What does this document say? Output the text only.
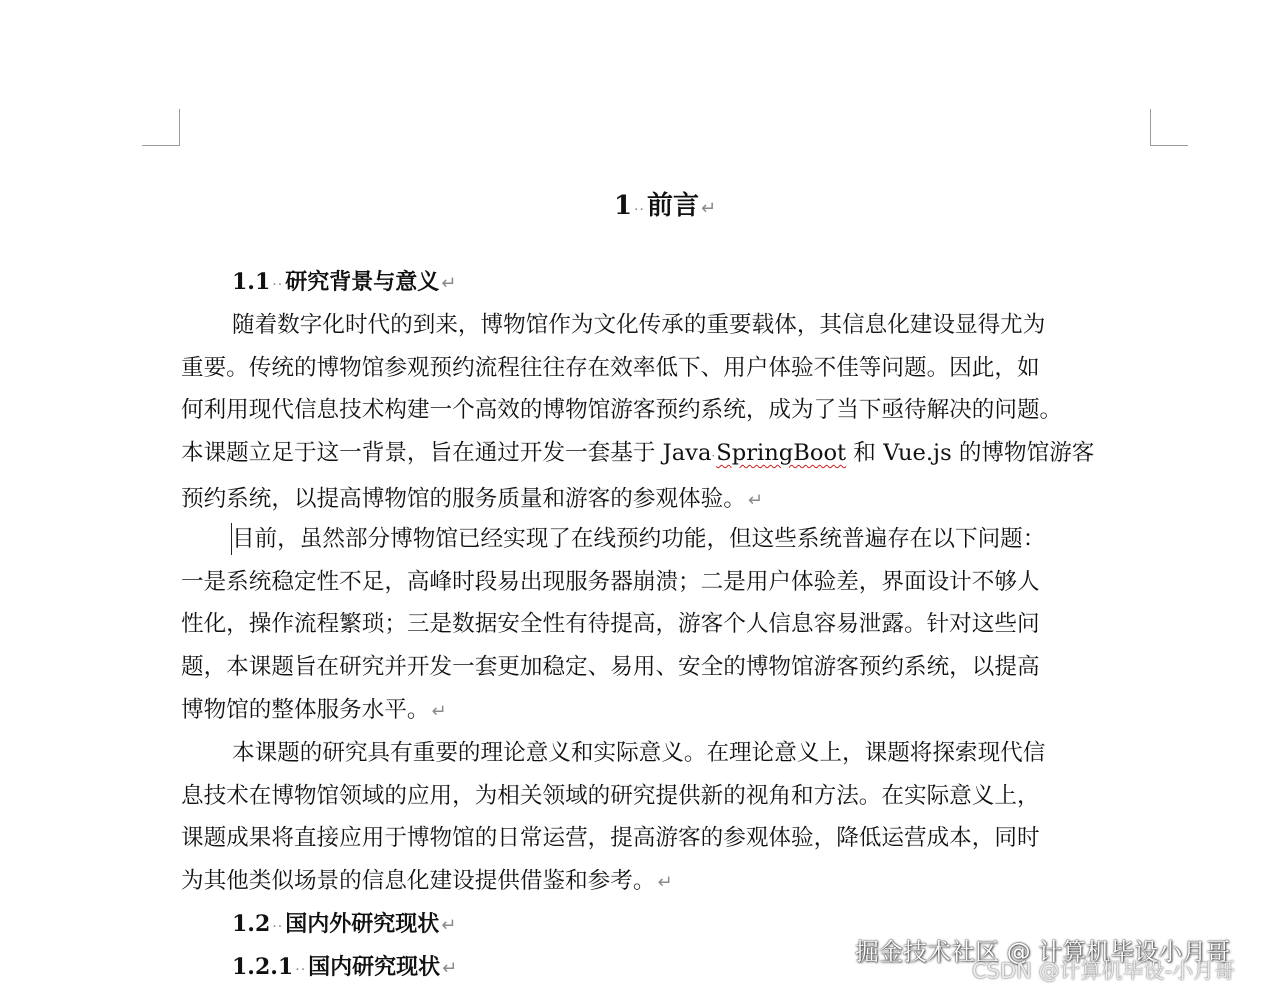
1 ··前言 ↵
1.1 ··研究背景与意义 ↵
随着数字化时代的到来，博物馆作为文化传承的重要载体，其信息化建设显得尤为
重要。传统的博物馆参观预约流程往往存在效率低下、用户体验不佳等问题。因此，如
何利用现代信息技术构建一个高效的博物馆游客预约系统，成为了当下亟待解决的问题。
本课题立足于这一背景，旨在通过开发一套基于 Java·SpringBoot 和 Vue.js 的博物馆游客
预约系统，以提高博物馆的服务质量和游客的参观体验。 ↵
目前，虽然部分博物馆已经实现了在线预约功能，但这些系统普遍存在以下问题：
一是系统稳定性不足，高峰时段易出现服务器崩溃；二是用户体验差，界面设计不够人
性化，操作流程繁琐；三是数据安全性有待提高，游客个人信息容易泄露。针对这些问
题，本课题旨在研究并开发一套更加稳定、易用、安全的博物馆游客预约系统，以提高
博物馆的整体服务水平。 ↵
本课题的研究具有重要的理论意义和实际意义。在理论意义上，课题将探索现代信
息技术在博物馆领域的应用，为相关领域的研究提供新的视角和方法。在实际意义上，
课题成果将直接应用于博物馆的日常运营，提高游客的参观体验，降低运营成本，同时
为其他类似场景的信息化建设提供借鉴和参考。 ↵
1.2 ··国内外研究现状 ↵
1.2.1 ··国内研究现状 ↵
掘金技术社区 @ 计算机毕设小月哥
CSDN @计算机毕设-小月哥
